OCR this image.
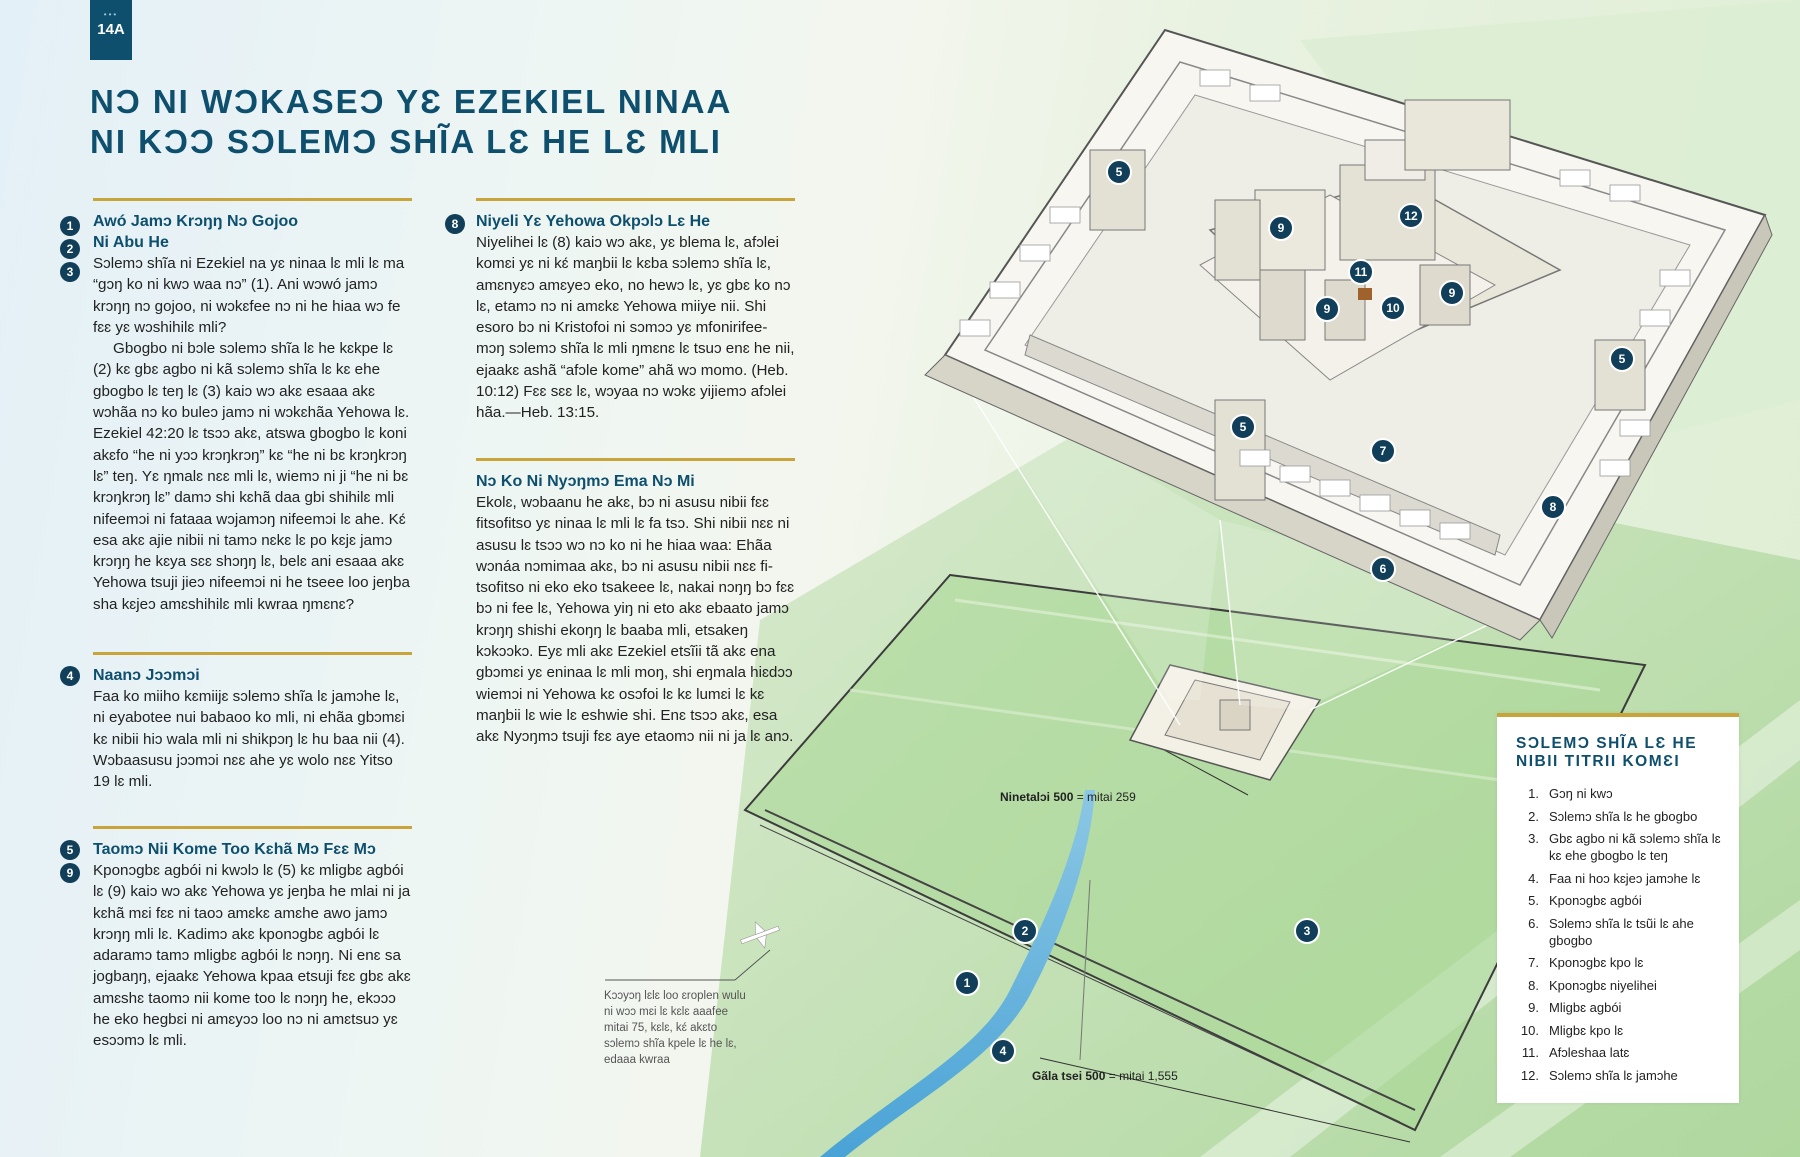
•••
14A
NƆ NI WƆKASEƆ YƐ EZEKIEL NINAA
NI KƆƆ SƆLEMƆ SHĨA LƐ HE LƐ MLI
1
2
3
Awó Jamɔ Krɔŋŋ Nɔ Gojoo
Ni Abu He

Sɔlemɔ shĩa ni Ezekiel na yɛ ninaa lɛ mli lɛ ma “gɔŋ ko ni kwɔ waa nɔ” (1). Ani wɔwó jamɔ krɔŋŋ nɔ gojoo, ni wɔkɛfee nɔ ni he hiaa wɔ fe fɛɛ yɛ wɔshihilɛ mli?

Gbogbo ni bɔle sɔlemɔ shĩa lɛ he kɛkpe lɛ (2) kɛ gbɛ agbo ni kã sɔlemɔ shĩa lɛ kɛ ehe gbogbo lɛ teŋ lɛ (3) kaiɔ wɔ akɛ esaaa akɛ wɔhãa nɔ ko buleɔ jamɔ ni wɔkɛhãa Yehowa lɛ. Ezekiel 42:20 lɛ tsɔɔ akɛ, atswa gbogbo lɛ koni akɛfo “he ni yɔɔ krɔŋkrɔŋ” kɛ “he ni bɛ krɔŋkrɔŋ lɛ” teŋ. Yɛ ŋmalɛ nɛɛ mli lɛ, wiemɔ ni ji “he ni bɛ krɔŋkrɔŋ lɛ” damɔ shi kɛhã daa gbi shihilɛ mli nifeemɔi ni fataaa wɔjamɔŋ nifeemɔi lɛ ahe. Kɛ́ esa akɛ ajie nibii ni tamɔ nɛkɛ lɛ po kɛjɛ jamɔ krɔŋŋ he kɛya sɛɛ shɔŋŋ lɛ, belɛ ani esaaa akɛ Yehowa tsuji jieɔ nifeemɔi ni he tseee loo jeŋba sha kɛjeɔ amɛshihilɛ mli kwraa ŋmɛnɛ?

4	Naanɔ Jɔɔmɔi

Faa ko miiho kɛmiijɛ sɔlemɔ shĩa lɛ jamɔhe lɛ, ni eyabotee nui babaoo ko mli, ni ehãa gbɔmɛi kɛ nibii hiɔ wala mli ni shikpɔŋ lɛ hu baa nii (4). Wɔbaasusu jɔɔmɔi nɛɛ ahe yɛ wolo nɛɛ Yitso 19 lɛ mli.

5
9
Taomɔ Nii Kome Too Kɛhã Mɔ Fɛɛ Mɔ

Kponɔgbɛ agbói ni kwɔlɔ lɛ (5) kɛ mligbɛ agbói lɛ (9) kaiɔ wɔ akɛ Yehowa yɛ jeŋba he mlai ni ja kɛhã mɛi fɛɛ ni taoɔ amɛkɛ amɛhe awo jamɔ krɔŋŋ mli lɛ. Kadimɔ akɛ kponɔgbɛ agbói lɛ adaramɔ tamɔ mligbɛ agbói lɛ nɔŋŋ. Ni enɛ sa jogbaŋŋ, ejaakɛ Yehowa kpaa etsuji fɛɛ gbɛ akɛ amɛshɛ taomɔ nii kome too lɛ nɔŋŋ he, ekɔɔɔ he eko hegbɛi ni amɛyɔɔ loo nɔ ni amɛtsuɔ yɛ esɔɔmɔ lɛ mli.

8	Niyeli Yɛ Yehowa Okpɔlɔ Lɛ He

Niyelihei lɛ (8) kaiɔ wɔ akɛ, yɛ blema lɛ, afɔlei komɛi yɛ ni kɛ́ maŋbii lɛ kɛba sɔlemɔ shĩa lɛ, amɛnyɛɔ amɛyeɔ eko, no hewɔ lɛ, yɛ gbɛ ko nɔ lɛ, etamɔ nɔ ni amɛkɛ Yehowa miiye nii. Shi esoro bɔ ni Kristofoi ni sɔmɔɔ yɛ mfonirifee-mɔŋ sɔlemɔ shĩa lɛ mli ŋmɛnɛ lɛ tsuɔ enɛ he nii, ejaakɛ ashã “afɔle kome” ahã wɔ momo. (Heb. 10:12) Fɛɛ sɛɛ lɛ, wɔyaa nɔ wɔkɛ yijiemɔ afɔlei hãa.—Heb. 13:15.

Nɔ Ko Ni Nyɔŋmɔ Ema Nɔ Mi

Ekolɛ, wɔbaanu he akɛ, bɔ ni asusu nibii fɛɛ fitsofitso yɛ ninaa lɛ mli lɛ fa tsɔ. Shi nibii nɛɛ ni asusu lɛ tsɔɔ wɔ nɔ ko ni he hiaa waa: Ehãa wɔnáa nɔmimaa akɛ, bɔ ni asusu nibii nɛɛ fi-tsofitso ni eko eko tsakeee lɛ, nakai nɔŋŋ bɔ fɛɛ bɔ ni fee lɛ, Yehowa yiŋ ni eto akɛ ebaato jamɔ krɔŋŋ shishi ekoŋŋ lɛ baaba mli, etsakeŋ kɔkɔɔkɔ. Eyɛ mli akɛ Ezekiel etsĩii tã akɛ ena gbɔmɛi yɛ eninaa lɛ mli moŋ, shi eŋmala hiɛdɔɔ wiemɔi ni Yehowa kɛ osɔfoi lɛ kɛ lumɛi lɛ kɛ maŋbii lɛ wie lɛ eshwie shi. Enɛ tsɔɔ akɛ, esa akɛ Nyɔŋmɔ tsuji fɛɛ aye etaomɔ nii ni ja lɛ anɔ.

5
9
12
11
9	10
9
5
5
7
8
6
2	3
1
4
Ninetalɔi 500 = mitai 259
Gãla tsei 500 = mitai 1,555
Kɔɔyɔŋ lɛlɛ loo ɛroplen wulu ni wɔɔ mɛi lɛ kɛlɛ aaafee mitai 75, kɛlɛ, kɛ́ akɛto sɔlemɔ shĩa kpele lɛ he lɛ, edaaa kwraa
SƆLEMƆ SHĨA LƐ HE
NIBII TITRII KOMƐI
1. Gɔŋ ni kwɔ
2. Sɔlemɔ shĩa lɛ he gbogbo
3. Gbɛ agbo ni kã sɔlemɔ shĩa lɛ kɛ ehe gbogbo lɛ teŋ
4. Faa ni hoɔ kɛjeɔ jamɔhe lɛ
5. Kponɔgbɛ agbói
6. Sɔlemɔ shĩa lɛ tsũi lɛ ahe gbogbo
7. Kponɔgbɛ kpo lɛ
8. Kponɔgbɛ niyelihei
9. Mligbɛ agbói
10. Mligbɛ kpo lɛ
11. Afɔleshaa latɛ
12. Sɔlemɔ shĩa lɛ jamɔhe
